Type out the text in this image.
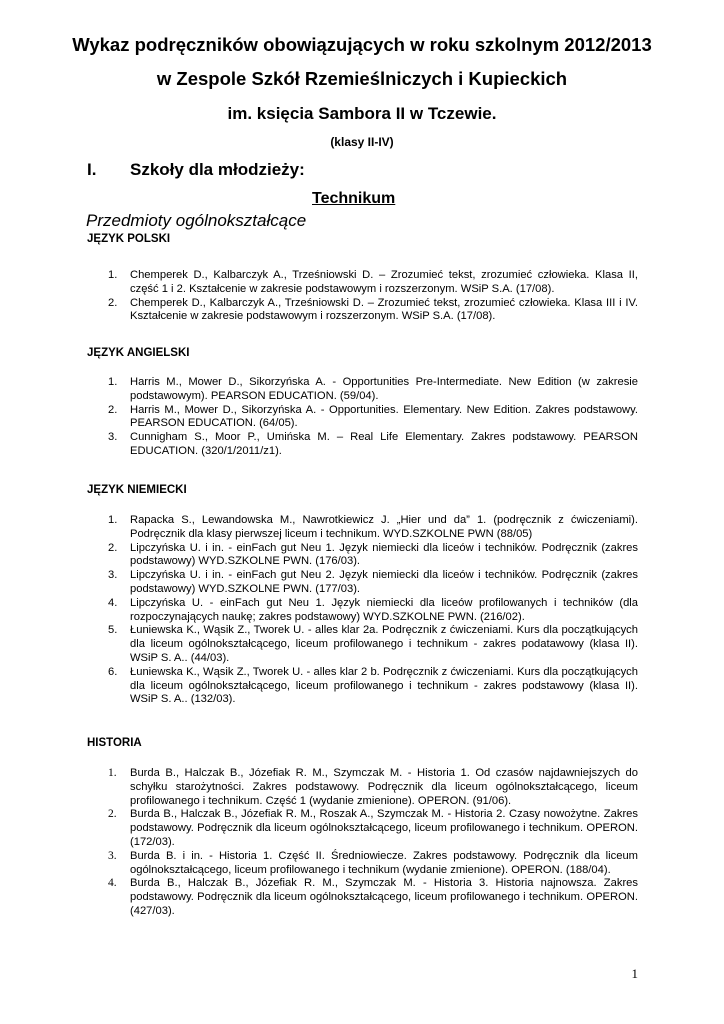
Wykaz podręczników obowiązujących w roku szkolnym 2012/2013
w Zespole Szkół Rzemieślniczych i Kupieckich
im. księcia Sambora II w Tczewie.
(klasy II-IV)
I. Szkoły dla młodzieży:
Technikum
Przedmioty ogólnokształcące
JĘZYK POLSKI
1. Chemperek D., Kalbarczyk A., Trześniowski D. – Zrozumieć tekst, zrozumieć człowieka. Klasa II, część 1 i 2. Kształcenie w zakresie podstawowym i rozszerzonym. WSiP S.A. (17/08).
2. Chemperek D., Kalbarczyk A., Trześniowski D. – Zrozumieć tekst, zrozumieć człowieka. Klasa III i IV. Kształcenie w zakresie podstawowym i rozszerzonym. WSiP S.A. (17/08).
JĘZYK ANGIELSKI
1. Harris M., Mower D., Sikorzyńska A. - Opportunities Pre-Intermediate. New Edition (w zakresie podstawowym). PEARSON EDUCATION. (59/04).
2. Harris M., Mower D., Sikorzyńska A. - Opportunities. Elementary. New Edition. Zakres podstawowy. PEARSON EDUCATION. (64/05).
3. Cunnigham S., Moor P., Umińska M. – Real Life Elementary. Zakres podstawowy. PEARSON EDUCATION. (320/1/2011/z1).
JĘZYK NIEMIECKI
1. Rapacka S., Lewandowska M., Nawrotkiewicz J. „Hier und da” 1. (podręcznik z ćwiczeniami). Podręcznik dla klasy pierwszej liceum i technikum. WYD.SZKOLNE PWN (88/05)
2. Lipczyńska U. i in. - einFach gut Neu 1. Język niemiecki dla liceów i techników. Podręcznik (zakres podstawowy) WYD.SZKOLNE PWN. (176/03).
3. Lipczyńska U. i in. - einFach gut Neu 2. Język niemiecki dla liceów i techników. Podręcznik (zakres podstawowy) WYD.SZKOLNE PWN. (177/03).
4. Lipczyńska U. - einFach gut Neu 1. Język niemiecki dla liceów profilowanych i techników (dla rozpoczynających naukę; zakres podstawowy) WYD.SZKOLNE PWN. (216/02).
5. Łuniewska K., Wąsik Z., Tworek U. - alles klar 2a. Podręcznik z ćwiczeniami. Kurs dla początkujących dla liceum ogólnokształcącego, liceum profilowanego i technikum - zakres podatawowy (klasa II). WSiP S. A.. (44/03).
6. Łuniewska K., Wąsik Z., Tworek U. - alles klar 2 b. Podręcznik z ćwiczeniami. Kurs dla początkujących dla liceum ogólnokształcącego, liceum profilowanego i technikum - zakres podstawowy (klasa II). WSiP S. A.. (132/03).
HISTORIA
1. Burda B., Halczak B., Józefiak R. M., Szymczak M. - Historia 1. Od czasów najdawniejszych do schyłku starożytności. Zakres podstawowy. Podręcznik dla liceum ogólnokształcącego, liceum profilowanego i technikum. Część 1 (wydanie zmienione). OPERON. (91/06).
2. Burda B., Halczak B., Józefiak R. M., Roszak A., Szymczak M. - Historia 2. Czasy nowożytne. Zakres podstawowy. Podręcznik dla liceum ogólnokształcącego, liceum profilowanego i technikum. OPERON. (172/03).
3. Burda B. i in. - Historia 1. Część II. Średniowiecze. Zakres podstawowy. Podręcznik dla liceum ogólnokształcącego, liceum profilowanego i technikum (wydanie zmienione). OPERON. (188/04).
4. Burda B., Halczak B., Józefiak R. M., Szymczak M. - Historia 3. Historia najnowsza. Zakres podstawowy. Podręcznik dla liceum ogólnokształcącego, liceum profilowanego i technikum. OPERON. (427/03).
1
